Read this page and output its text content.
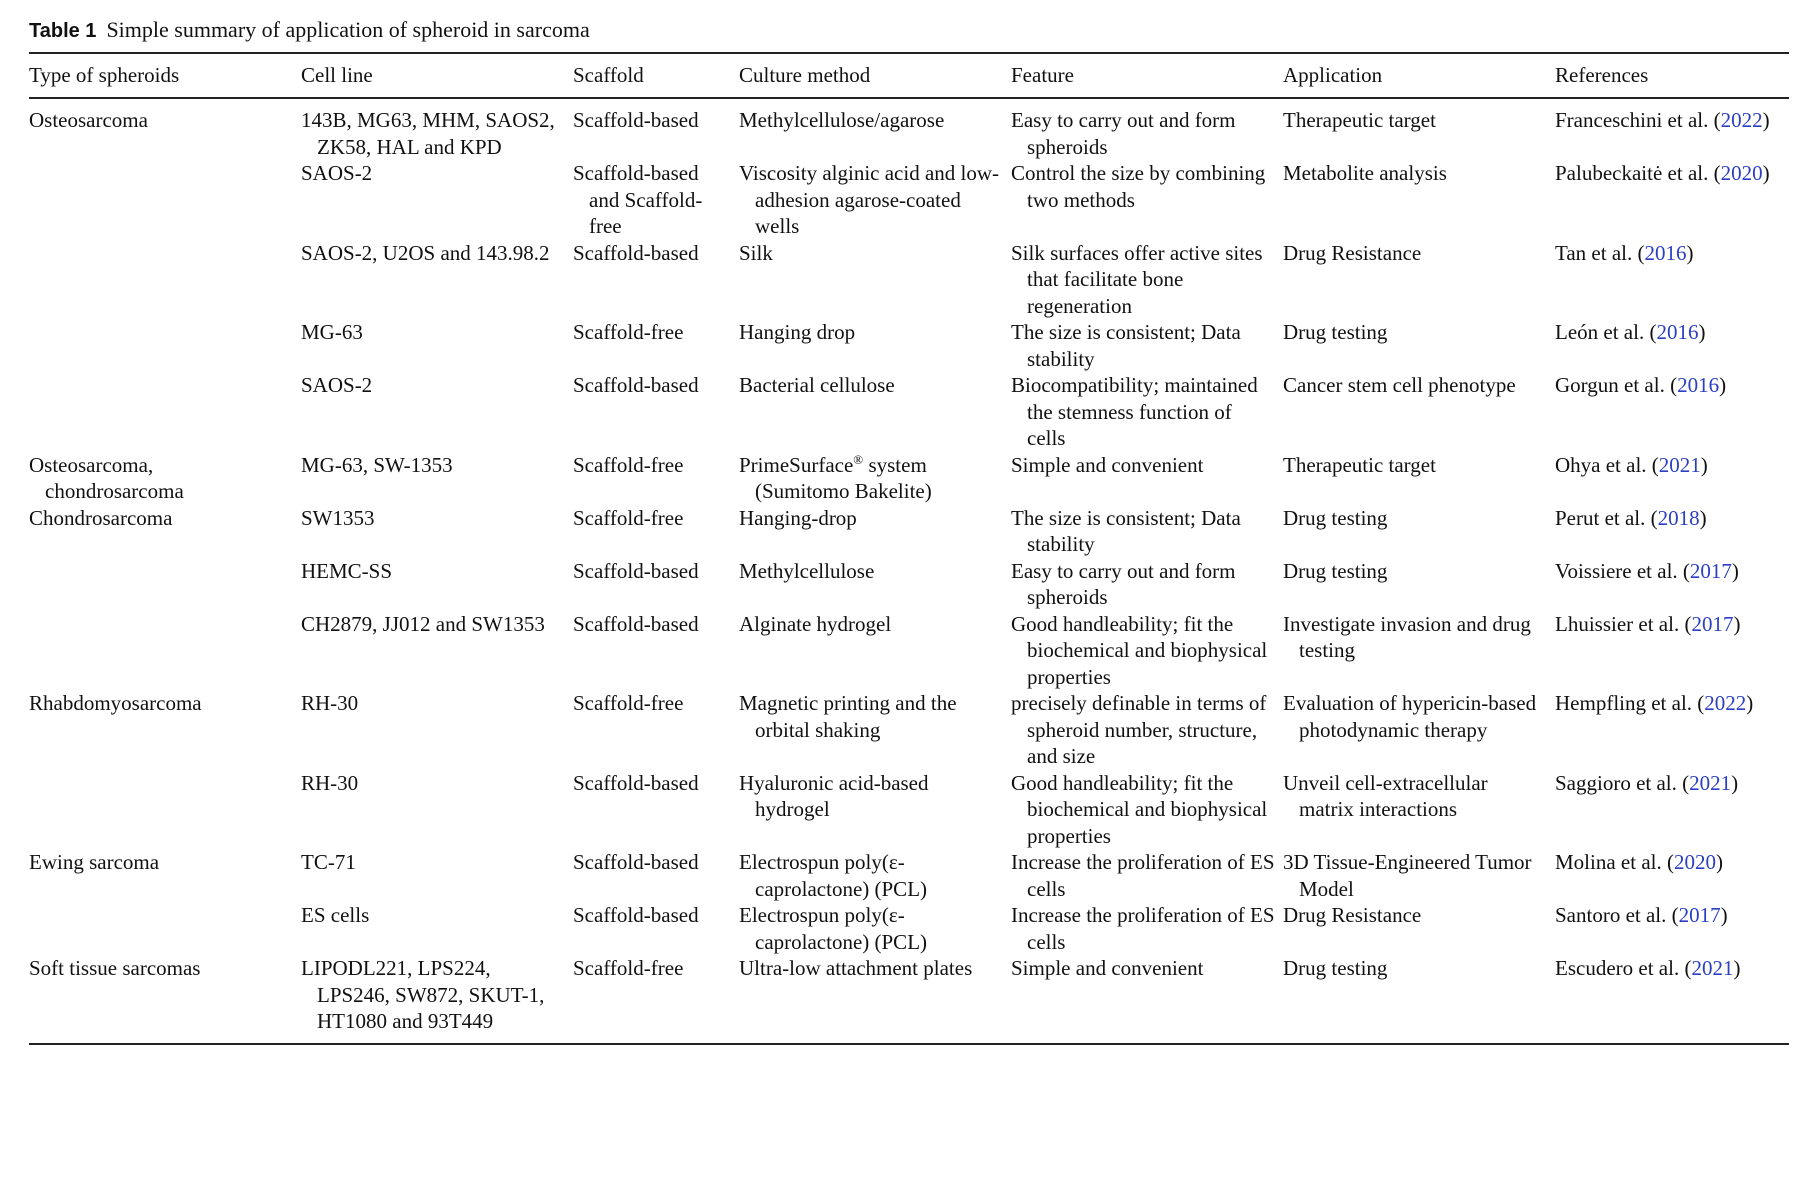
Table 1 Simple summary of application of spheroid in sarcoma
Type of spheroids	Cell line	Scaffold	Culture method	Feature	Application	References

Osteosarcoma	143B, MG63, MHM, SAOS2, ZK58, HAL and KPD	Scaffold-based	Methylcellulose/agarose	Easy to carry out and form spheroids	Therapeutic target	Franceschini et al. (2022)

	SAOS-2	Scaffold-based and Scaffold-free	Viscosity alginic acid and low-adhesion agarose-coated wells	Control the size by combining two methods	Metabolite analysis	Palubeckaitė et al. (2020)

	SAOS-2, U2OS and 143.98.2	Scaffold-based	Silk	Silk surfaces offer active sites that facilitate bone regeneration	Drug Resistance	Tan et al. (2016)

	MG-63	Scaffold-free	Hanging drop	The size is consistent; Data stability	Drug testing	León et al. (2016)

	SAOS-2	Scaffold-based	Bacterial cellulose	Biocompatibility; maintained the stemness function of cells	Cancer stem cell phenotype	Gorgun et al. (2016)

Osteosarcoma, chondrosarcoma	MG-63, SW-1353	Scaffold-free	PrimeSurface® system (Sumitomo Bakelite)	Simple and convenient	Therapeutic target	Ohya et al. (2021)

Chondrosarcoma	SW1353	Scaffold-free	Hanging-drop	The size is consistent; Data stability	Drug testing	Perut et al. (2018)

	HEMC-SS	Scaffold-based	Methylcellulose	Easy to carry out and form spheroids	Drug testing	Voissiere et al. (2017)

	CH2879, JJ012 and SW1353	Scaffold-based	Alginate hydrogel	Good handleability; fit the biochemical and biophysical properties	Investigate invasion and drug testing	Lhuissier et al. (2017)

Rhabdomyosarcoma	RH-30	Scaffold-free	Magnetic printing and the orbital shaking	precisely definable in terms of spheroid number, structure, and size	Evaluation of hypericin-based photodynamic therapy	Hempfling et al. (2022)

	RH-30	Scaffold-based	Hyaluronic acid-based hydrogel	Good handleability; fit the biochemical and biophysical properties	Unveil cell-extracellular matrix interactions	Saggioro et al. (2021)

Ewing sarcoma	TC-71	Scaffold-based	Electrospun poly(ε-caprolactone) (PCL)	Increase the proliferation of ES cells	3D Tissue-Engineered Tumor Model	Molina et al. (2020)

	ES cells	Scaffold-based	Electrospun poly(ε-caprolactone) (PCL)	Increase the proliferation of ES cells	Drug Resistance	Santoro et al. (2017)

Soft tissue sarcomas	LIPODL221, LPS224, LPS246, SW872, SKUT-1, HT1080 and 93T449	Scaffold-free	Ultra-low attachment plates	Simple and convenient	Drug testing	Escudero et al. (2021)
